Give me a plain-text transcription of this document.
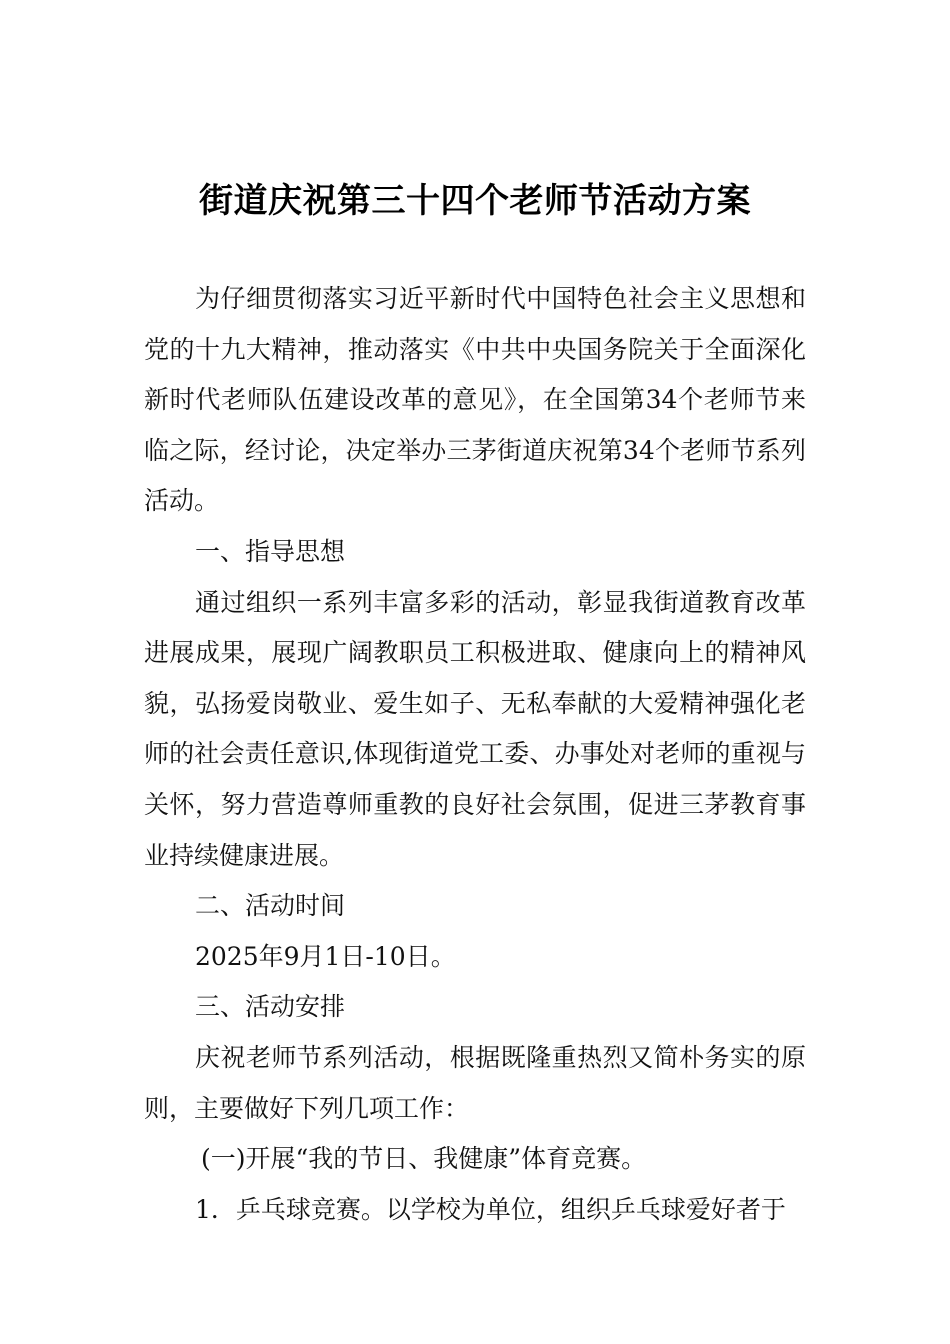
街道庆祝第三十四个老师节活动方案

为仔细贯彻落实习近平新时代中国特色社会主义思想和党的十九大精神，推动落实《中共中央国务院关于全面深化新时代老师队伍建设改革的意见》，在全国第34个老师节来临之际，经讨论，决定举办三茅街道庆祝第34个老师节系列活动。

一、指导思想

通过组织一系列丰富多彩的活动，彰显我街道教育改革进展成果，展现广阔教职员工积极进取、健康向上的精神风貌，弘扬爱岗敬业、爱生如子、无私奉献的大爱精神强化老师的社会责任意识,体现街道党工委、办事处对老师的重视与关怀，努力营造尊师重教的良好社会氛围，促进三茅教育事业持续健康进展。

二、活动时间

2025年9月1日-10日。

三、活动安排

庆祝老师节系列活动，根据既隆重热烈又简朴务实的原则，主要做好下列几项工作：

(一)开展“我的节日、我健康”体育竞赛。

1．乒乓球竞赛。以学校为单位，组织乒乓球爱好者于
